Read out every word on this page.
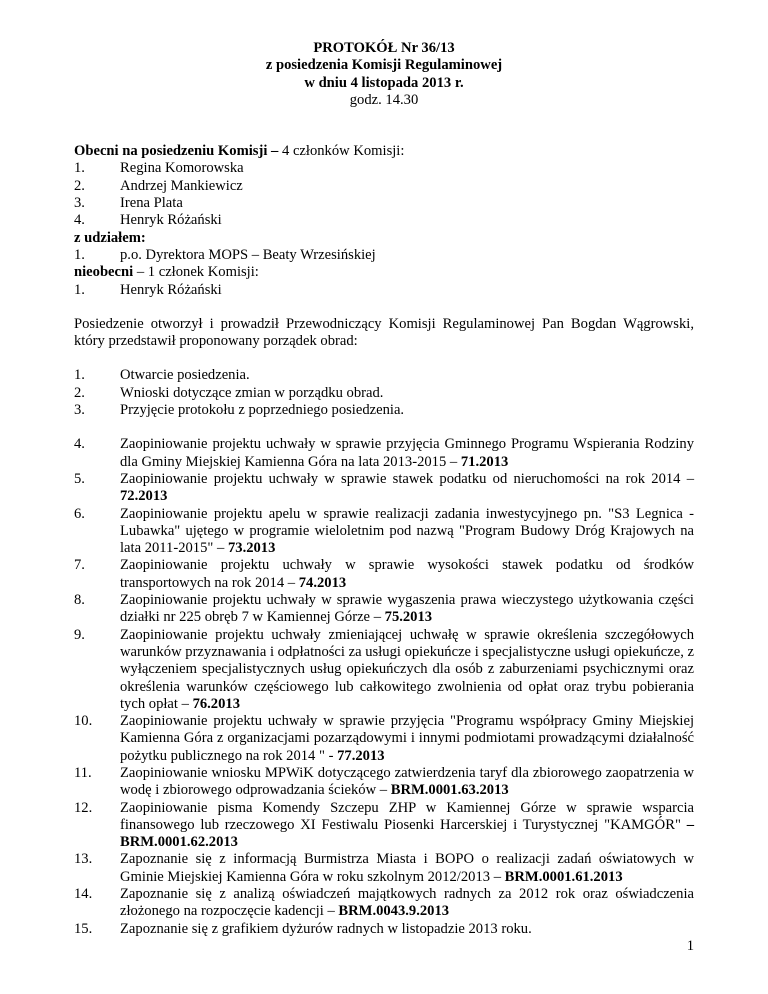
PROTOKÓŁ Nr 36/13
z posiedzenia Komisji Regulaminowej
w dniu 4 listopada 2013 r.
godz. 14.30
Obecni na posiedzeniu Komisji – 4 członków Komisji:
1.	Regina Komorowska
2.	Andrzej Mankiewicz
3.	Irena Plata
4.	Henryk Różański
z udziałem:
1.	p.o. Dyrektora MOPS – Beaty Wrzesińskiej
nieobecni – 1 członek Komisji:
1.	Henryk Różański
Posiedzenie otworzył i prowadził Przewodniczący Komisji Regulaminowej Pan Bogdan Wągrowski, który przedstawił proponowany porządek obrad:
1.	Otwarcie posiedzenia.
2.	Wnioski dotyczące zmian w porządku obrad.
3.	Przyjęcie protokołu z poprzedniego posiedzenia.
4.	Zaopiniowanie projektu uchwały w sprawie przyjęcia Gminnego Programu Wspierania Rodziny dla Gminy Miejskiej Kamienna Góra na lata 2013-2015 – 71.2013
5.	Zaopiniowanie projektu uchwały w sprawie stawek podatku od nieruchomości na rok 2014 – 72.2013
6.	Zaopiniowanie projektu apelu w sprawie realizacji zadania inwestycyjnego pn. "S3 Legnica -Lubawka" ujętego w programie wieloletnim pod nazwą "Program Budowy Dróg Krajowych na lata 2011-2015" – 73.2013
7.	Zaopiniowanie projektu uchwały w sprawie wysokości stawek podatku od środków transportowych na rok 2014 – 74.2013
8.	Zaopiniowanie projektu uchwały w sprawie wygaszenia prawa wieczystego użytkowania części działki nr 225 obręb 7 w Kamiennej Górze – 75.2013
9.	Zaopiniowanie projektu uchwały zmieniającej uchwałę w sprawie określenia szczegółowych warunków przyznawania i odpłatności za usługi opiekuńcze i specjalistyczne usługi opiekuńcze, z wyłączeniem specjalistycznych usług opiekuńczych dla osób z zaburzeniami psychicznymi oraz określenia warunków częściowego lub całkowitego zwolnienia od opłat oraz trybu pobierania tych opłat – 76.2013
10.	Zaopiniowanie projektu uchwały w sprawie przyjęcia "Programu współpracy Gminy Miejskiej Kamienna Góra z organizacjami pozarządowymi i innymi podmiotami prowadzącymi działalność pożytku publicznego na rok 2014 " - 77.2013
11.	Zaopiniowanie wniosku MPWiK dotyczącego zatwierdzenia taryf dla zbiorowego zaopatrzenia w wodę i zbiorowego odprowadzania ścieków – BRM.0001.63.2013
12.	Zaopiniowanie pisma Komendy Szczepu ZHP w Kamiennej Górze w sprawie wsparcia finansowego lub rzeczowego XI Festiwalu Piosenki Harcerskiej i Turystycznej "KAMGÓR" – BRM.0001.62.2013
13.	Zapoznanie się z informacją Burmistrza Miasta i BOPO o realizacji zadań oświatowych w Gminie Miejskiej Kamienna Góra w roku szkolnym 2012/2013 – BRM.0001.61.2013
14.	Zapoznanie się z analizą oświadczeń majątkowych radnych za 2012 rok oraz oświadczenia złożonego na rozpoczęcie kadencji – BRM.0043.9.2013
15.	Zapoznanie się z grafikiem dyżurów radnych w listopadzie 2013 roku.
1
